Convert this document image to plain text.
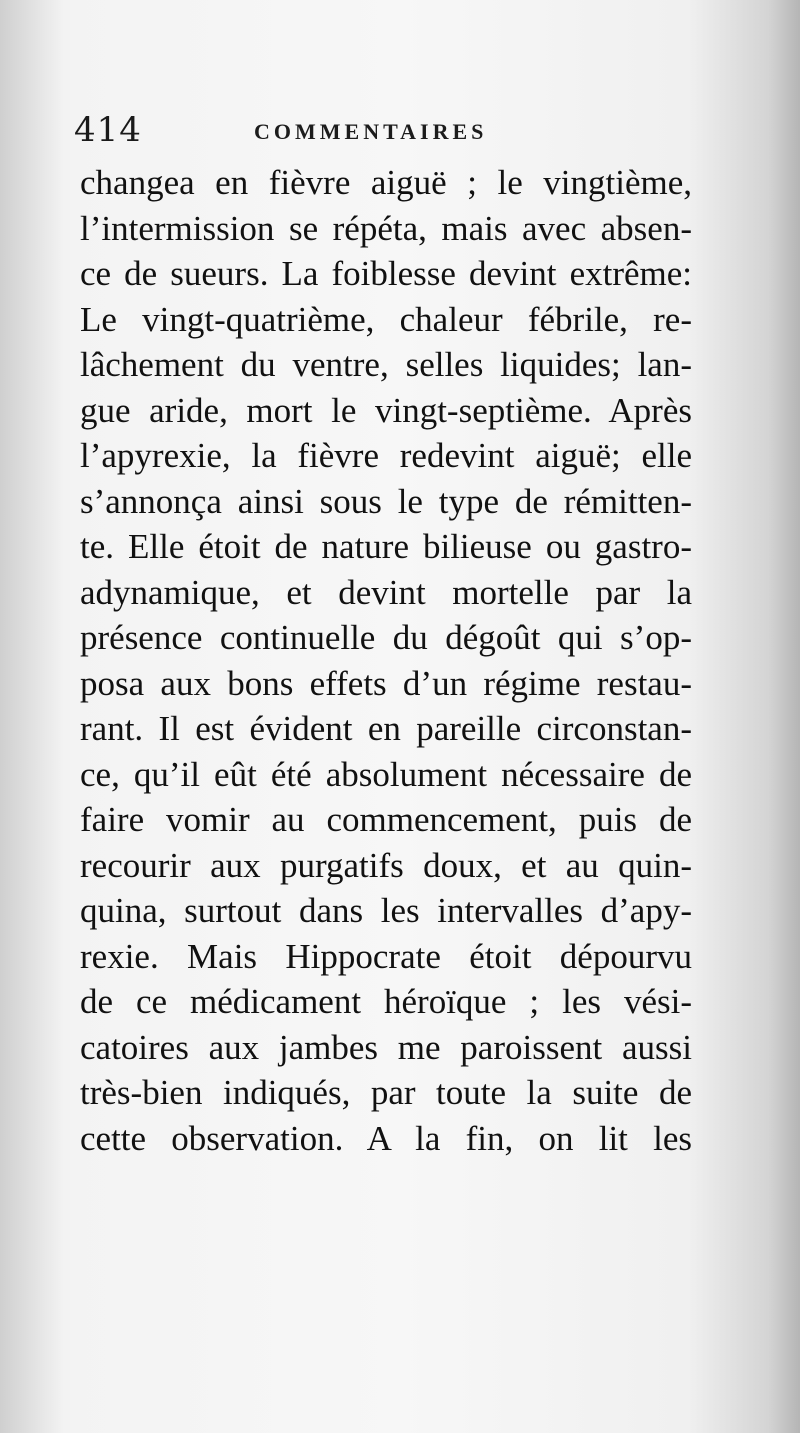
414	COMMENTAIRES
changea en fièvre aiguë ; le vingtième,
l’intermission se répéta, mais avec absen-
ce de sueurs. La foiblesse devint extrême:
Le vingt-quatrième, chaleur fébrile, re-
lâchement du ventre, selles liquides; lan-
gue aride, mort le vingt-septième. Après
l’apyrexie, la fièvre redevint aiguë; elle
s’annonça ainsi sous le type de rémitten-
te. Elle étoit de nature bilieuse ou gastro-
adynamique, et devint mortelle par la
présence continuelle du dégoût qui s’op-
posa aux bons effets d’un régime restau-
rant. Il est évident en pareille circonstan-
ce, qu’il eût été absolument nécessaire de
faire vomir au commencement, puis de
recourir aux purgatifs doux, et au quin-
quina, surtout dans les intervalles d’apy-
rexie. Mais Hippocrate étoit dépourvu
de ce médicament héroïque ; les vési-
catoires aux jambes me paroissent aussi
très-bien indiqués, par toute la suite de
cette observation. A la fin, on lit les
